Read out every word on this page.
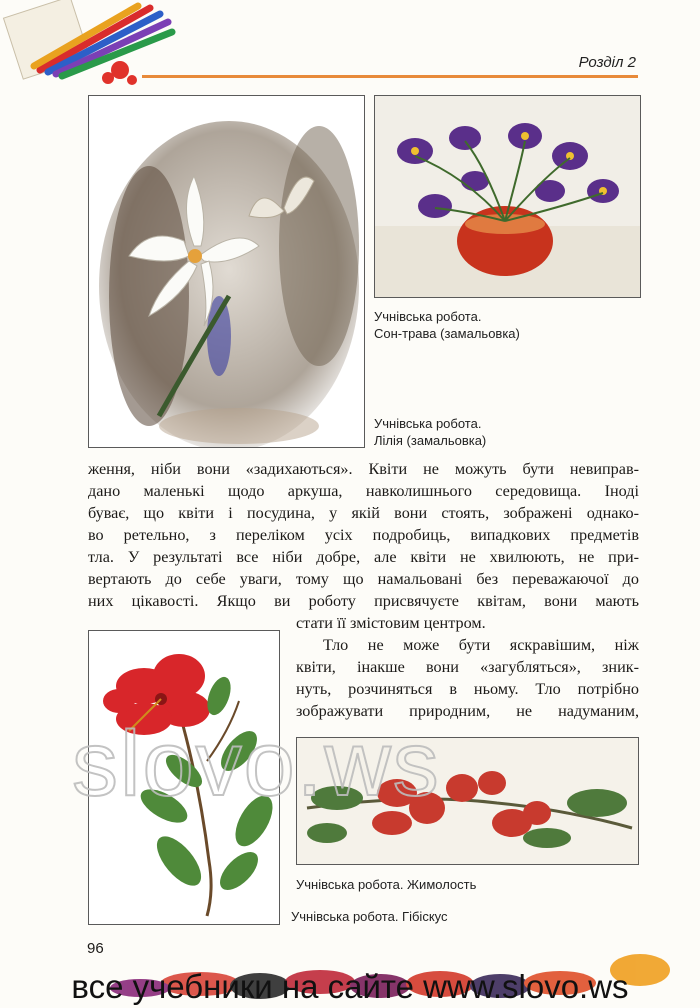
Розділ 2
Учнівська робота.
Сон-трава (замальовка)
Учнівська робота.
Лілія (замальовка)

ження, ніби вони «задихаються». Квіти не можуть бути невиправ-

дано маленькі щодо аркуша, навколишнього середовища. Іноді

буває, що квіти і посудина, у якій вони стоять, зображені однако-

во ретельно, з переліком усіх подробиць, випадкових предметів

тла. У результаті все ніби добре, але квіти не хвилюють, не при-

вертають до себе уваги, тому що намальовані без переважаючої до

них цікавості. Якщо ви роботу присвячуєте квітам, вони мають

стати її змістовим центром.

Тло не може бути яскравішим, ніж

квіти, інакше вони «загубляться», зник-

нуть, розчиняться в ньому. Тло потрібно

зображувати природним, не надуманим,

Учнівська робота. Жимолость
Учнівська робота. Гібіскус
96
все учебники на сайте www.slovo.ws
